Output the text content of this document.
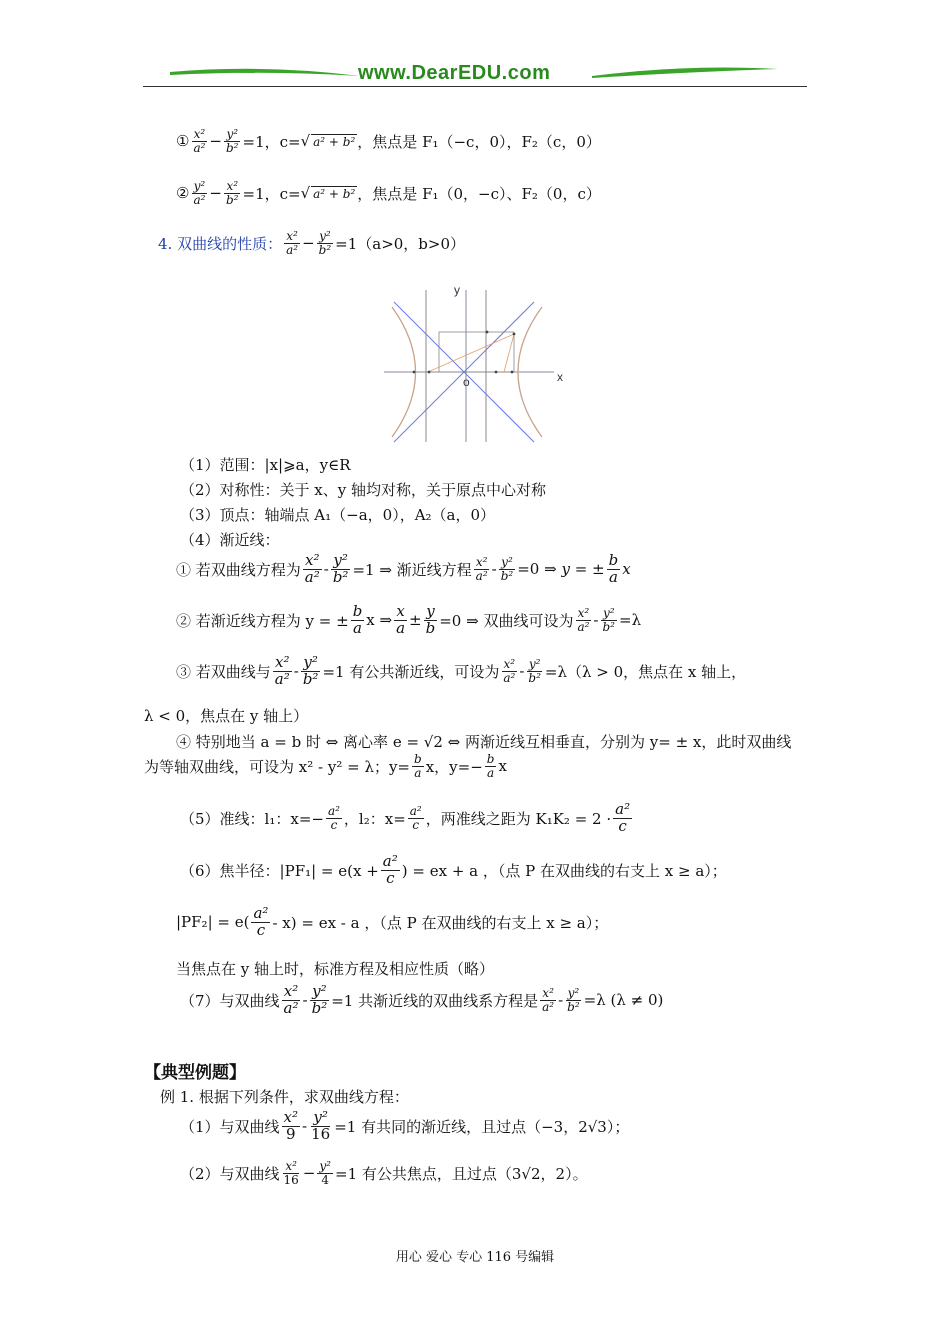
www.DearEDU.com
① $\frac{\text{x²}}{\text{a²}} - \frac{\text{y²}}{\text{b²}} =1$，c= √ a² + b² ，焦点是 F₁（−c，0），F₂（c，0）
② $\frac{\text{y²}}{\text{a²}} - \frac{\text{x²}}{\text{b²}} =1$，c= √ a² + b² ，焦点是 F₁（0，−c）、F₂（0，c）
4. 双曲线的性质： $\frac{\text{x²}}{\text{a²}} - \frac{\text{y²}}{\text{b²}} =1(a>0$，b>0）
y
x
o
（1）范围：|x|⩾a，y∈R
（2）对称性：关于 x、y 轴均对称，关于原点中心对称
（3）顶点：轴端点 A₁（−a，0），A₂（a，0）
（4）渐近线：
① 若双曲线方程为 $\frac{\text{x²}}{\text{a²}} - \frac{\text{y²}}{\text{b²}} =1$ ⇒ 渐近线方程 $\frac{\text{x²}}{\text{a²}} - \frac{\text{y²}}{\text{b²}} =0$ ⇒
y = ± $\frac{b}{a}$ x
② 若渐近线方程为 y = ± $\frac{b}{a}$ x ⇒ $\frac{x}{a} \pm \frac{y}{b} =0$ ⇒ 双曲线可设为 $\frac{\text{x²}}{\text{a²}} - \frac{\text{y²}}{\text{b²}} =\lambda$
③ 若双曲线与 $\frac{\text{x²}}{\text{a²}} - \frac{\text{y²}}{\text{b²}} =1$ 有公共渐近线，可设为 $\frac{\text{x²}}{\text{a²}} - \frac{\text{y²}}{\text{b²}} =\lambda(\lambda > 0$，焦点在 x 轴上，
λ < 0，焦点在 y 轴上）
④ 特别地当 a = b 时 ⇔ 离心率 e = √2 ⇔ 两渐近线互相垂直，分别为 y= ± x，此时双曲线
为等轴双曲线，可设为 x² - y² = λ；$y= \frac{b}{a}$ x，$y=- \frac{b}{a}$ x
（5）准线：l₁：$x=- \frac{\text{a²}}{c}$ ，l₂：$x= \frac{\text{a²}}{c}$ ，两准线之距为 $K_1K_2 = 2 \cdot \frac{\text{a²}}{c}$
（6）焦半径：$|PF_1| = e(x + \frac{\text{a²}}{c}$ ) = ex + a ，（点 P 在双曲线的右支上 x ≥ a）；
$|PF_2| = e( \frac{\text{a²}}{c} - x)$ = ex - a ，（点 P 在双曲线的右支上 x ≥ a）；
当焦点在 y 轴上时，标准方程及相应性质（略）
（7）与双曲线 $\frac{\text{x²}}{\text{a²}} - \frac{\text{y²}}{\text{b²}} =1$ 共渐近线的双曲线系方程是 $\frac{\text{x²}}{\text{a²}} - \frac{\text{y²}}{\text{b²}} =\lambda$ (λ ≠ 0)
【典型例题】
例 1. 根据下列条件，求双曲线方程：
（1）与双曲线 $\frac{\text{x²}}{9} - \frac{\text{y²}}{16} =1$ 有共同的渐近线，且过点（−3，2√3）；
（2）与双曲线 $\frac{\text{x²}}{16} - \frac{\text{y²}}{4} =1$ 有公共焦点，且过点（3√2，2）。
用心 爱心 专心 116 号编辑
